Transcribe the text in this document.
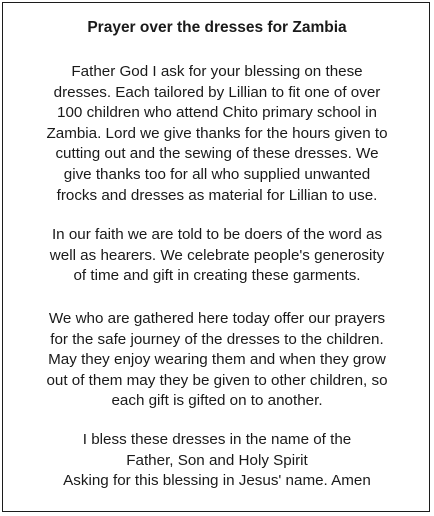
Prayer over the dresses for Zambia

Father God I ask for your blessing on these
dresses. Each tailored by Lillian to fit one of over
100 children who attend Chito primary school in
Zambia. Lord we give thanks for the hours given to
cutting out and the sewing of these dresses. We
give thanks too for all who supplied unwanted
frocks and dresses as material for Lillian to use.

In our faith we are told to be doers of the word as
well as hearers. We celebrate people's generosity
of time and gift in creating these garments.

We who are gathered here today offer our prayers
for the safe journey of the dresses to the children.
May they enjoy wearing them and when they grow
out of them may they be given to other children, so
each gift is gifted on to another.

I bless these dresses in the name of the
Father, Son and Holy Spirit
Asking for this blessing in Jesus' name. Amen
